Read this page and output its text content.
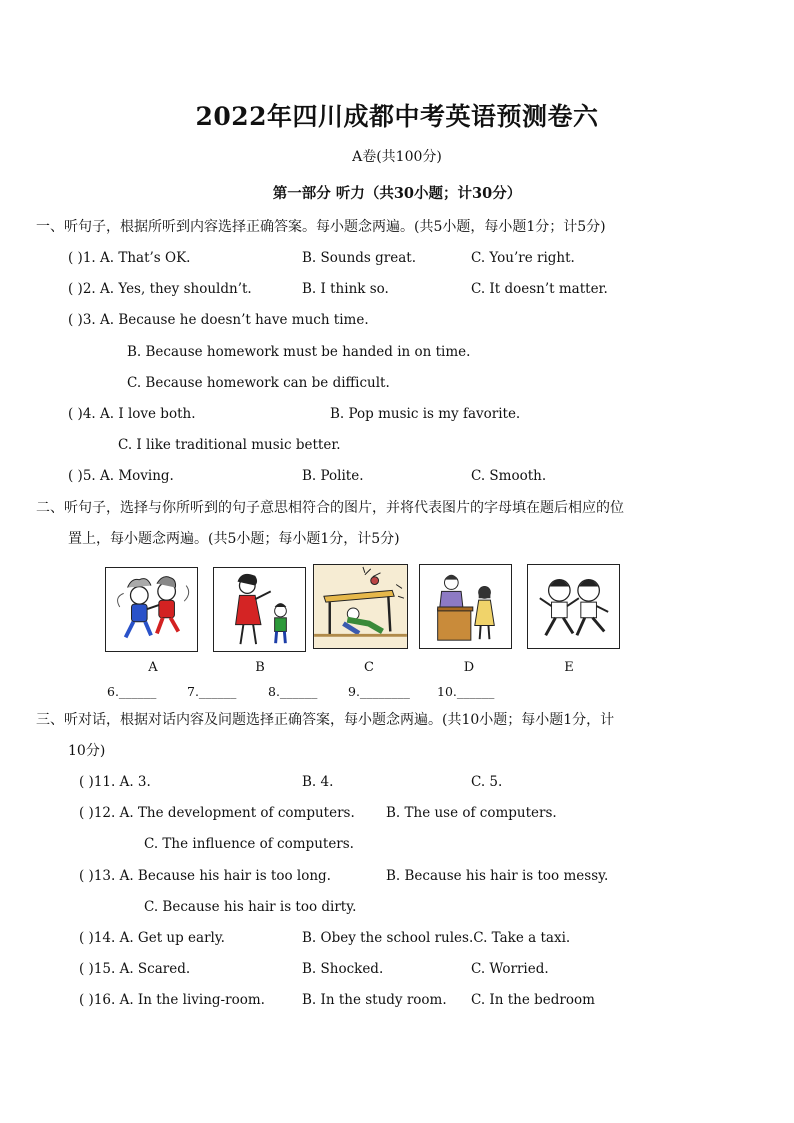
2022年四川成都中考英语预测卷六
A卷(共100分)
第一部分 听力（共30小题；计30分）
一、听句子，根据所听到内容选择正确答案。每小题念两遍。(共5小题，每小题1分；计5分)
( )1. A. That’s OK.	B. Sounds great.	C. You’re right.
( )2. A. Yes, they shouldn’t.	B. I think so.	C. It doesn’t matter.
( )3. A. Because he doesn’t have much time.
B. Because homework must be handed in on time.
C. Because homework can be difficult.
( )4. A. I love both.	B. Pop music is my favorite.
C. I like traditional music better.
( )5. A. Moving.	B. Polite.	C. Smooth.
二、听句子，选择与你所听到的句子意思相符合的图片，并将代表图片的字母填在题后相应的位
置上，每小题念两遍。(共5小题；每小题1分，计5分)
A	B	C	D	E
6.______ 7.______	8.______ 9.________ 10.______
三、听对话，根据对话内容及问题选择正确答案，每小题念两遍。(共10小题；每小题1分，计
10分)
( )11. A. 3.	B. 4.	C. 5.
( )12. A. The development of computers. B. The use of computers.
C. The influence of computers.
( )13. A. Because his hair is too long.	B. Because his hair is too messy.
C. Because his hair is too dirty.
( )14. A. Get up early.	B. Obey the school rules.C. Take a taxi.
( )15. A. Scared.	B. Shocked.	C. Worried.
( )16. A. In the living-room.	B. In the study room. C. In the bedroom
